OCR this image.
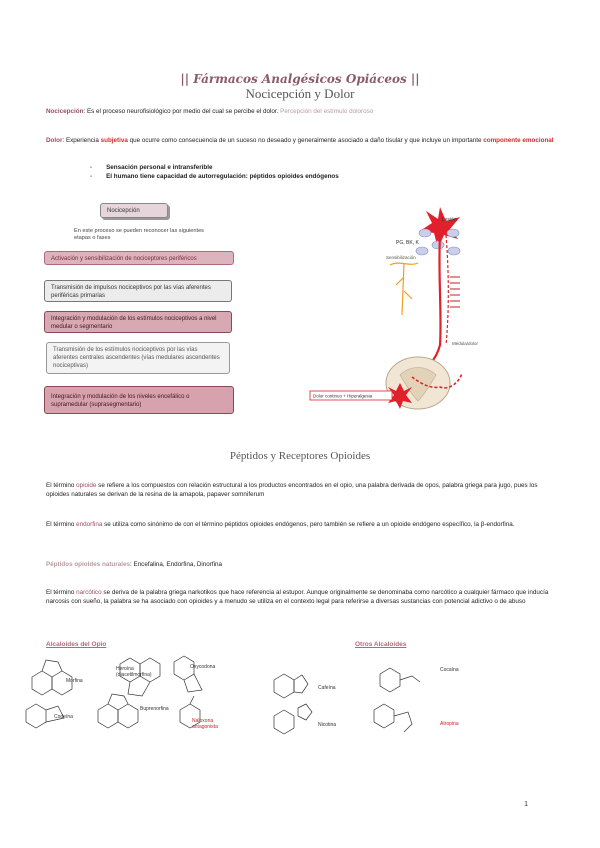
|| Fármacos Analgésicos Opiáceos ||
Nocicepción y Dolor
Nocicepción: Es el proceso neurofisiológico por medio del cual se percibe el dolor. Percepción del estímulo doloroso
Dolor: Experiencia subjetiva que ocurre como consecuencia de un suceso no deseado y generalmente asociado a daño tisular y que incluye un importante componente emocional
- Sensación personal e intransferible
- El humano tiene capacidad de autorregulación: péptidos opioides endógenos
Nocicepción
En este proceso se pueden reconocer las siguientes etapas o fases
Activación y sensibilización de nociceptores periféricos
Transmisión de impulsos nociceptivos por las vías aferentes periféricas primarias
Integración y modulación de los estímulos nociceptivos a nivel medular o segmentario
Transmisión de los estímulos nociceptivos por las vías aferentes centrales ascendentes (vías medulares ascendentes nociceptivas)
Integración y modulación de los niveles encefálico o supramedular (suprasegmentario)
Lesión
PG, BK, K
Sensibilización
Médula/dolor
Dolor continuo + Hiperalgesia
Péptidos y Receptores Opioides
El término opioide se refiere a los compuestos con relación estructural a los productos encontrados en el opio, una palabra derivada de opos, palabra griega para jugo, pues los opioides naturales se derivan de la resina de la amapola, papaver somniferum
El término endorfina se utiliza como sinónimo de con el término péptidos opioides endógenos, pero también se refiere a un opioide endógeno específico, la β-endorfina.
Péptidos opioides naturales: Encefalina, Endorfina, Dinorfina
El término narcótico se deriva de la palabra griega narkotikos que hace referencia al estupor. Aunque originalmente se denominaba como narcótico a cualquier fármaco que inducía narcosis con sueño, la palabra se ha asociado con opioides y a menudo se utiliza en el contexto legal para referirse a diversas sustancias con potencial adictivo o de abuso
Alcaloides del Opio	Otros Alcaloides
Morfina
Oxycodona
Heroína (diacetilmorfina)
Codeína
Buprenorfina
Naloxona antagonista
Cafeína
Cocaína
Nicotina	Atropina
1
